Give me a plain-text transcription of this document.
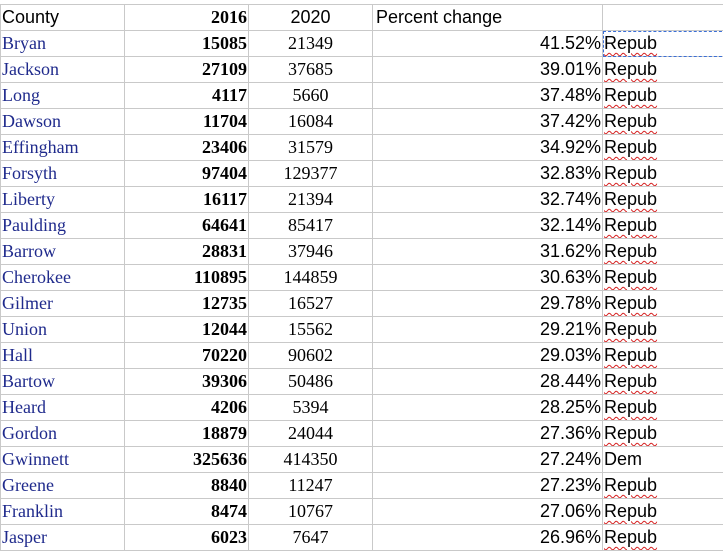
County	2016	2020	Percent change	
Bryan	15085	21349	41.52%	Repub
Jackson	27109	37685	39.01%	Repub
Long	4117	5660	37.48%	Repub
Dawson	11704	16084	37.42%	Repub
Effingham	23406	31579	34.92%	Repub
Forsyth	97404	129377	32.83%	Repub
Liberty	16117	21394	32.74%	Repub
Paulding	64641	85417	32.14%	Repub
Barrow	28831	37946	31.62%	Repub
Cherokee	110895	144859	30.63%	Repub
Gilmer	12735	16527	29.78%	Repub
Union	12044	15562	29.21%	Repub
Hall	70220	90602	29.03%	Repub
Bartow	39306	50486	28.44%	Repub
Heard	4206	5394	28.25%	Repub
Gordon	18879	24044	27.36%	Repub
Gwinnett	325636	414350	27.24%	Dem
Greene	8840	11247	27.23%	Repub
Franklin	8474	10767	27.06%	Repub
Jasper	6023	7647	26.96%	Repub
